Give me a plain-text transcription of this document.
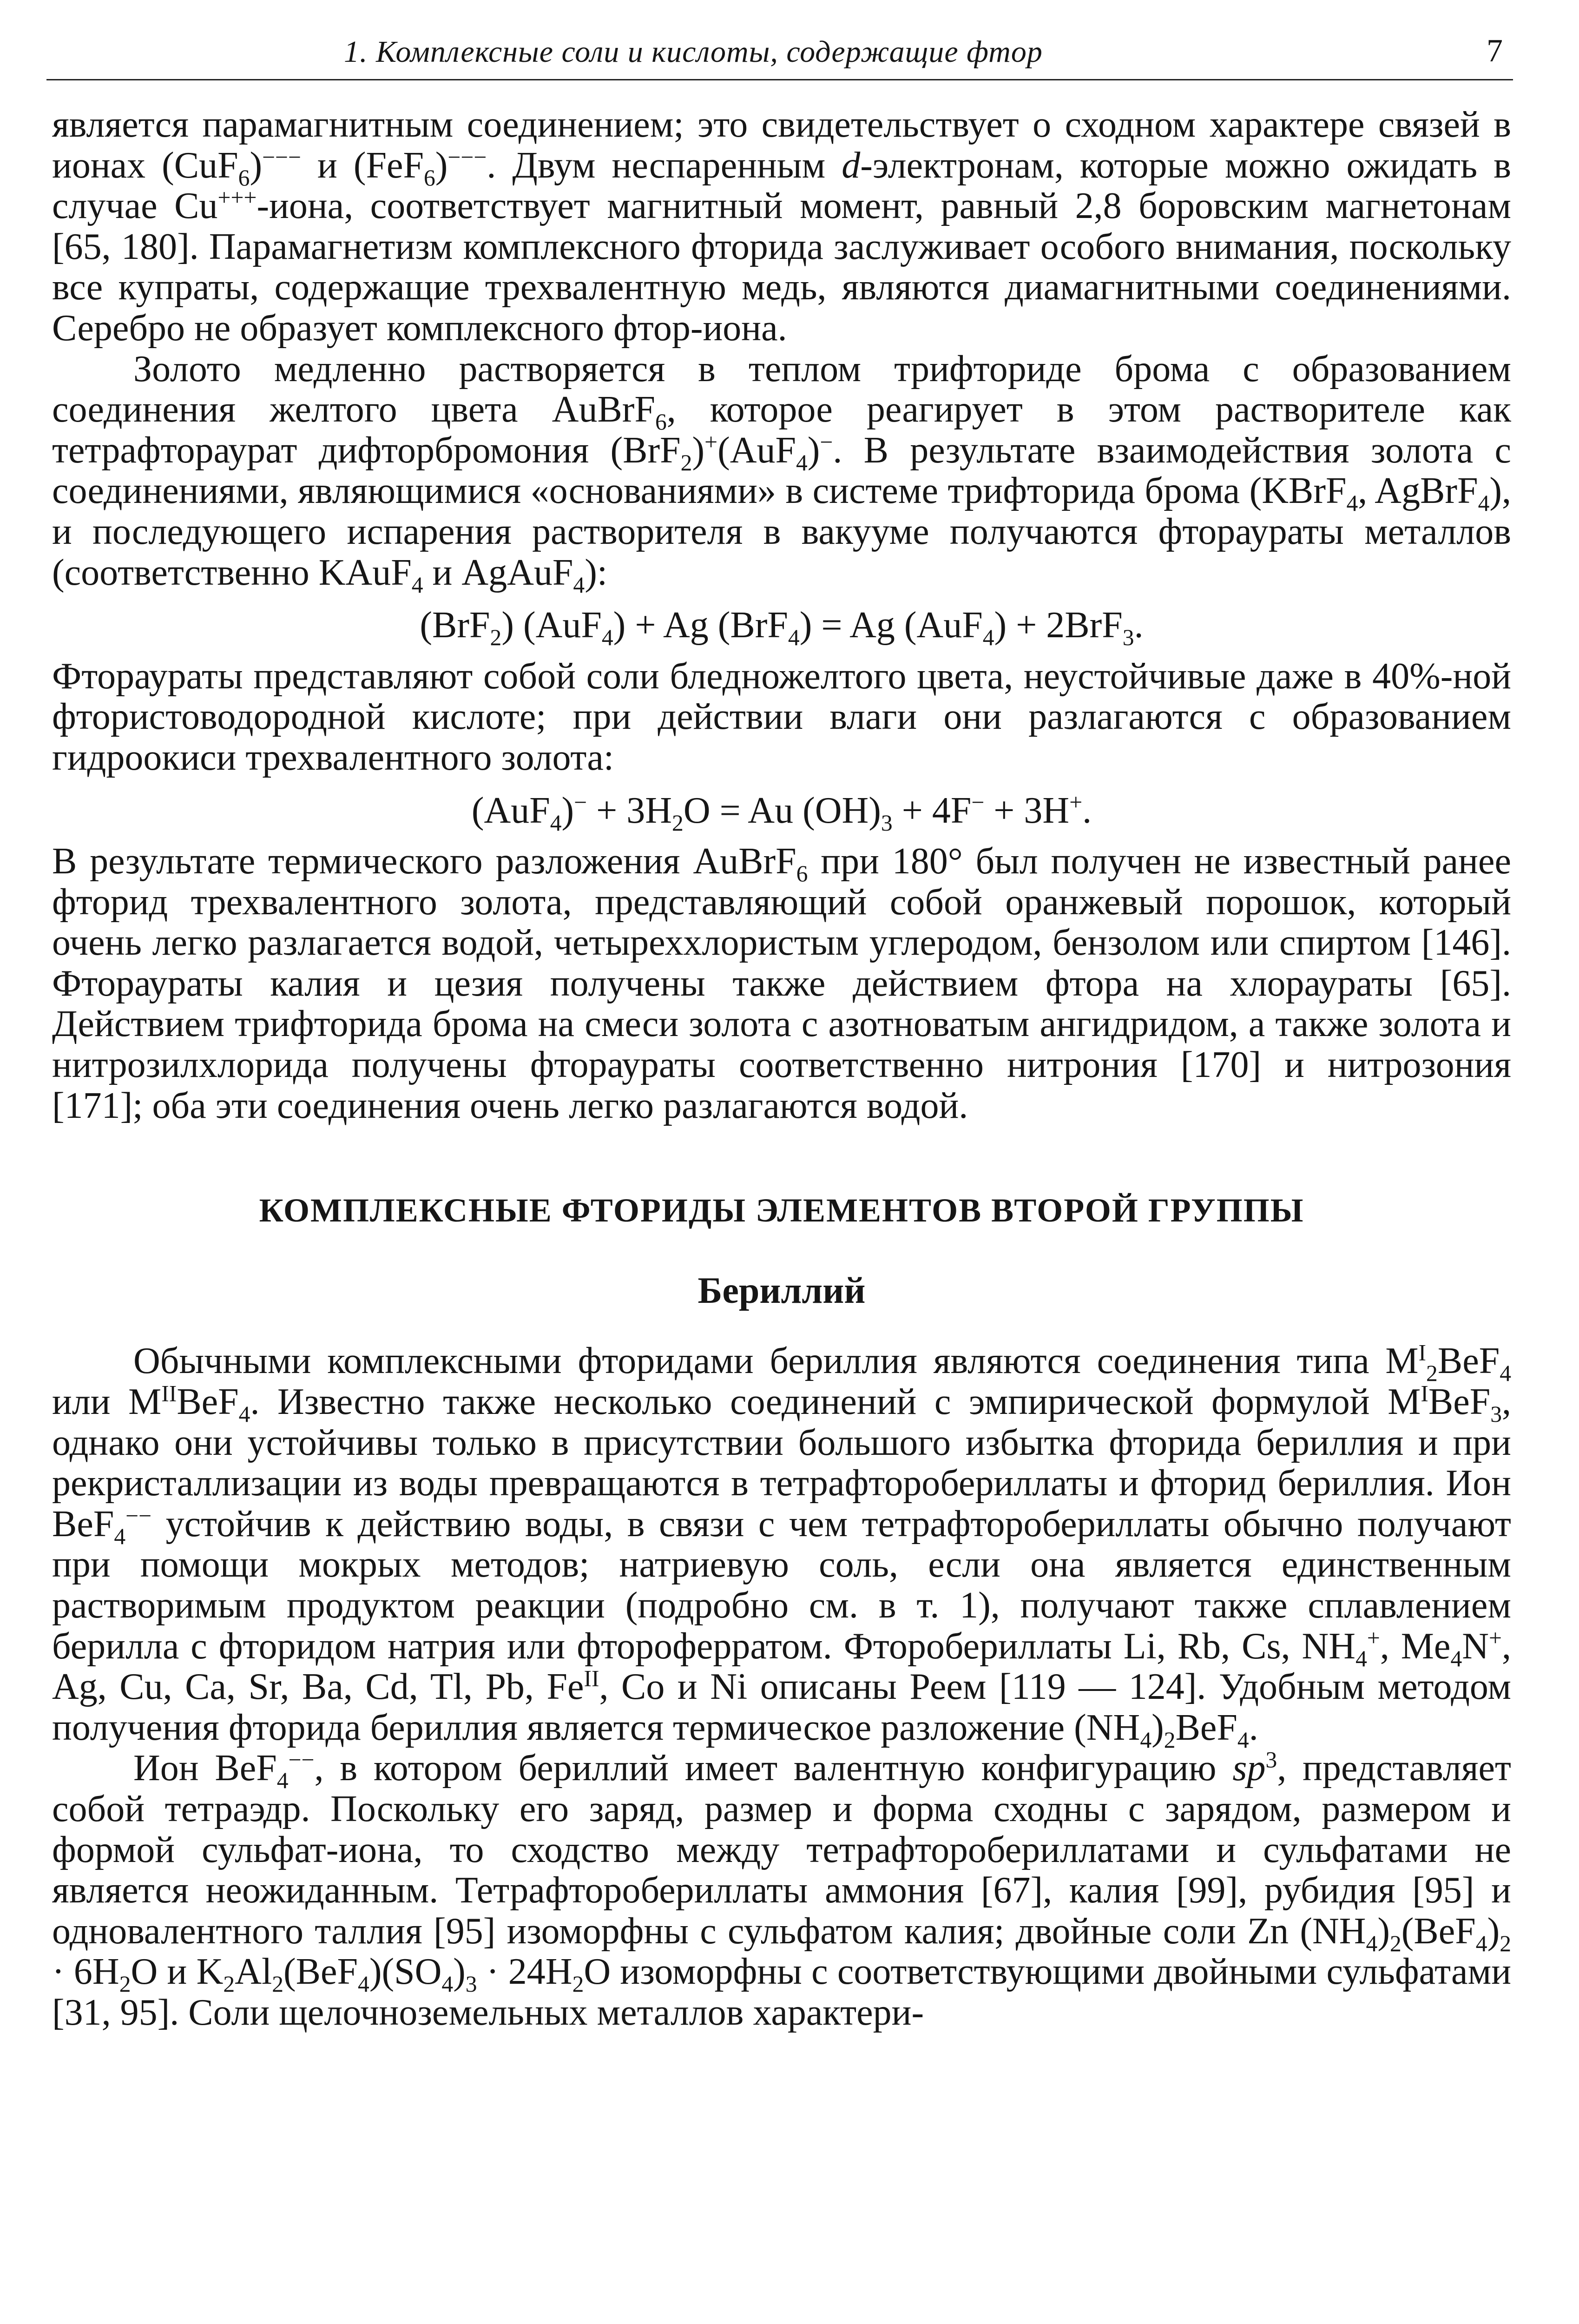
1. Комплексные соли и кислоты, содержащие фтор	7

является парамагнитным соединением; это свидетельствует о сходном характере связей в ионах (CuF$_6$)−−− и (FeF$_6$)−−−. Двум неспаренным d-электронам, которые можно ожидать в случае Cu+++-иона, соответствует магнитный момент, равный 2,8 боровским магнетонам [65, 180]. Парамагнетизм комплексного фторида заслуживает особого внимания, поскольку все купраты, содержащие трехвалентную медь, являются диамагнитными соединениями. Серебро не образует комплексного фтор-иона.

Золото медленно растворяется в теплом трифториде брома с образованием соединения желтого цвета AuBrF$_6$, которое реагирует в этом растворителе как тетрафтораурат дифторбромония (BrF$_2$)+(AuF$_4$)−. В результате взаимодействия золота с соединениями, являющимися «основаниями» в системе трифторида брома (KBrF$_4$, AgBrF$_4$), и последующего испарения растворителя в вакууме получаются фтораураты металлов (соответственно KAuF$_4$ и AgAuF$_4$):

(BrF$_2$) (AuF$_4$) + Ag (BrF$_4$) = Ag (AuF$_4$) + 2BrF$_3$.

Фтораураты представляют собой соли бледножелтого цвета, неустойчивые даже в 40%-ной фтористоводородной кислоте; при действии влаги они разлагаются с образованием гидроокиси трехвалентного золота:

$(AuF_4)^- + 3H_2O = Au$ $(OH)_3 + 4F^- + 3H^+$.

В результате термического разложения AuBrF$_6$ при 180° был получен не известный ранее фторид трехвалентного золота, представляющий собой оранжевый порошок, который очень легко разлагается водой, четыреххлористым углеродом, бензолом или спиртом [146]. Фтораураты калия и цезия получены также действием фтора на хлораураты [65]. Действием трифторида брома на смеси золота с азотноватым ангидридом, а также золота и нитрозилхлорида получены фтораураты соответственно нитрония [170] и нитрозония [171]; оба эти соединения очень легко разлагаются водой.

КОМПЛЕКСНЫЕ ФТОРИДЫ ЭЛЕМЕНТОВ ВТОРОЙ ГРУППЫ

Бериллий

Обычными комплексными фторидами бериллия являются соединения типа $M^I_2BeF_4$ или $M^{II}BeF_4$. Известно также несколько соединений с эмпирической формулой $M^IBeF_3$, однако они устойчивы только в присутствии большого избытка фторида бериллия и при рекристаллизации из воды превращаются в тетрафторобериллаты и фторид бериллия. Ион BeF$_4$−− устойчив к действию воды, в связи с чем тетрафторобериллаты обычно получают при помощи мокрых методов; натриевую соль, если она является единственным растворимым продуктом реакции (подробно см. в т. 1), получают также сплавлением берилла с фторидом натрия или фтороферратом. Фторобериллаты Li, Rb, Cs, $NH_4^+$, $Me_4N^+$, Ag, Cu, Ca, Sr, Ba, Cd, Tl, Pb, $Fe^{II}$, Co и Ni описаны Реем [119 — 124]. Удобным методом получения фторида бериллия является термическое разложение $(NH_4)_2BeF_4$.

Ион BeF$_4$−−, в котором бериллий имеет валентную конфигурацию $sp^3$, представляет собой тетраэдр. Поскольку его заряд, размер и форма сходны с зарядом, размером и формой сульфат-иона, то сходство между тетрафторобериллатами и сульфатами не является неожиданным. Тетрафторобериллаты аммония [67], калия [99], рубидия [95] и одновалентного таллия [95] изоморфны с сульфатом калия; двойные соли Zn $(NH_4)_2(BeF_4)_2 \cdot 6H_2O$ и $K_2Al_2(BeF_4)(SO_4)_3 \cdot 24H_2O$ изоморфны с соответствующими двойными сульфатами [31, 95]. Соли щелочноземельных металлов характери-
